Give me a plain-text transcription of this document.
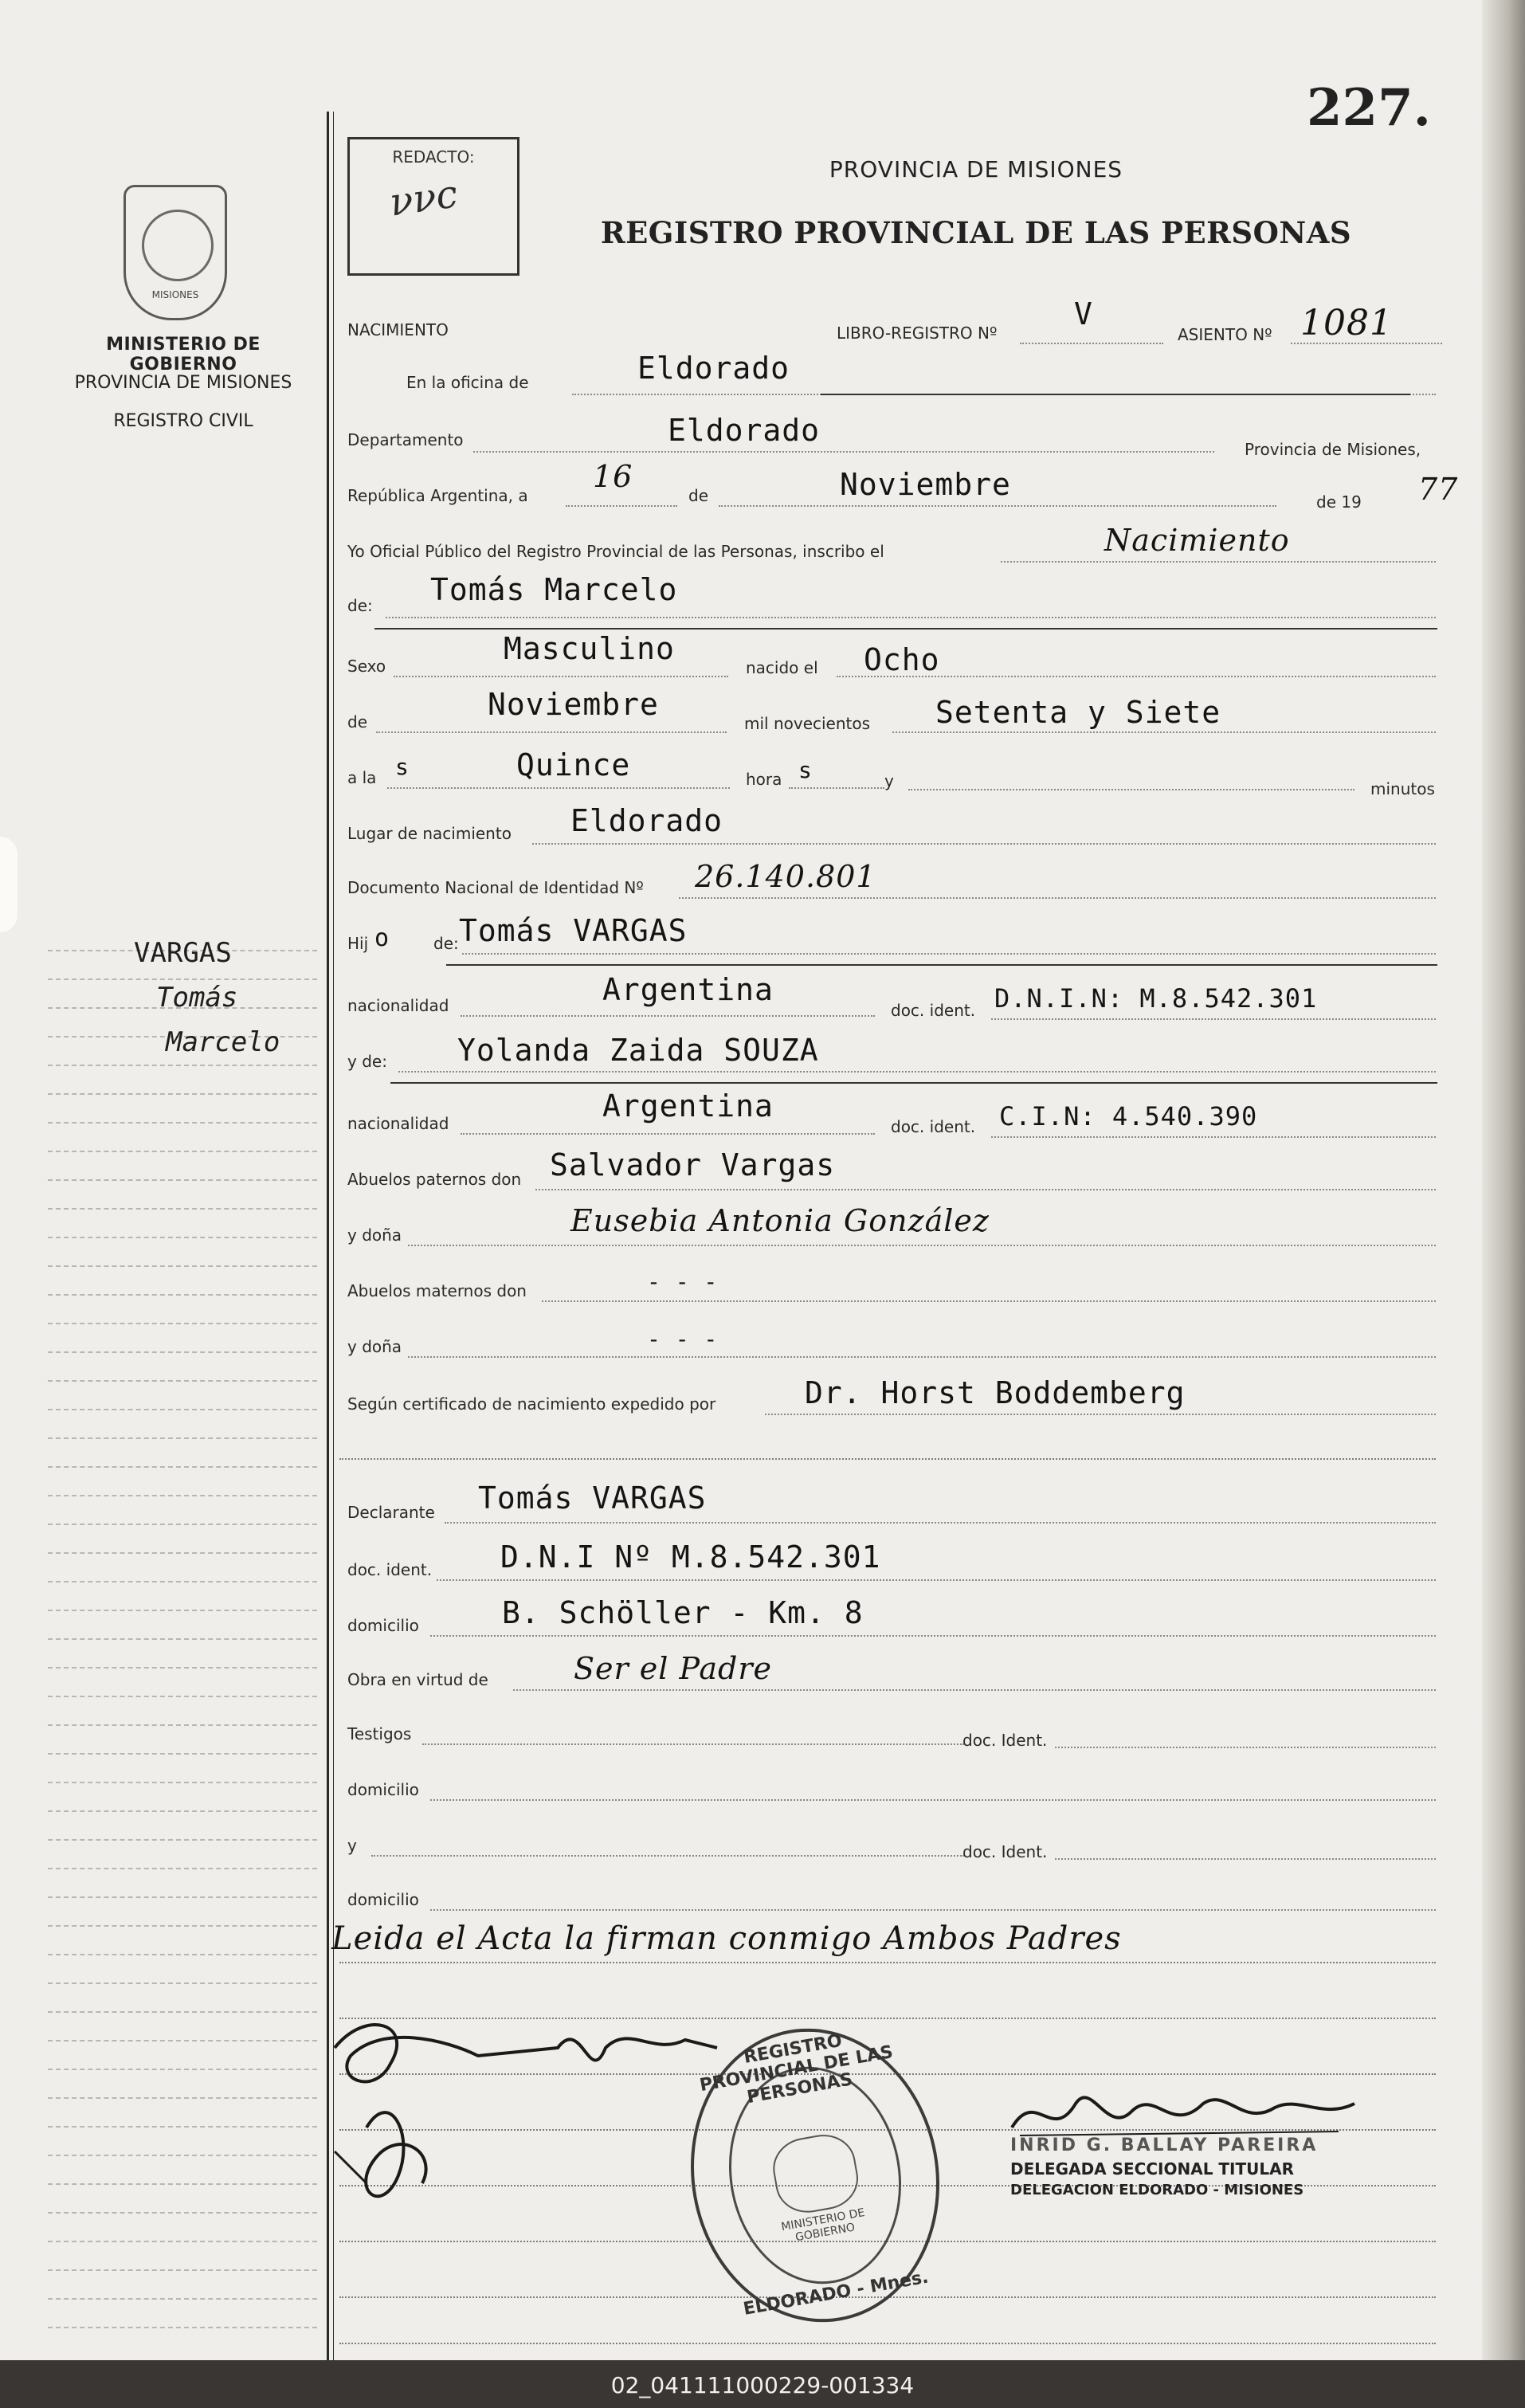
227.
REDACTO:
ννc
MISIONES
MINISTERIO DE GOBIERNO
PROVINCIA DE MISIONES
REGISTRO CIVIL
VARGAS
Tomás
Marcelo
PROVINCIA DE MISIONES
REGISTRO PROVINCIAL DE LAS PERSONAS
NACIMIENTO	LIBRO-REGISTRO Nº
V
ASIENTO Nº 1081
En la oficina de	Eldorado
Departamento	Eldorado
Provincia de Misiones,
República Argentina, a
16
de	Noviembre	de 19 77
Yo Oficial Público del Registro Provincial de las Personas, inscribo el	Nacimiento
de: Tomás Marcelo
Sexo	Masculino
nacido el Ocho
de	Noviembre
mil novecientos Setenta y Siete
a la s	Quince	hora s	y	minutos
Lugar de nacimiento Eldorado
Documento Nacional de Identidad Nº 26.140.801
Hij o	de: Tomás VARGAS
nacionalidad	Argentina
doc. ident. D.N.I.N: M.8.542.301
y de: Yolanda Zaida SOUZA
nacionalidad	Argentina
doc. ident. C.I.N: 4.540.390
Abuelos paternos don Salvador Vargas
y doña	Eusebia Antonia González
Abuelos maternos don	- - -
y doña	- - -
Según certificado de nacimiento expedido por	Dr. Horst Boddemberg
Declarante Tomás VARGAS
doc. ident. D.N.I Nº M.8.542.301
domicilio	B. Schöller - Km. 8
Obra en virtud de	Ser el Padre
Testigos	doc. Ident.
domicilio
y	doc. Ident.
domicilio
Leida el Acta la firman conmigo Ambos Padres
REGISTRO PROVINCIAL DE LAS PERSONAS
MINISTERIO DE GOBIERNO
ELDORADO - Mnes.
INRID G. BALLAY PAREIRA
DELEGADA SECCIONAL TITULAR
DELEGACION ELDORADO - MISIONES
02_041111000229-001334
